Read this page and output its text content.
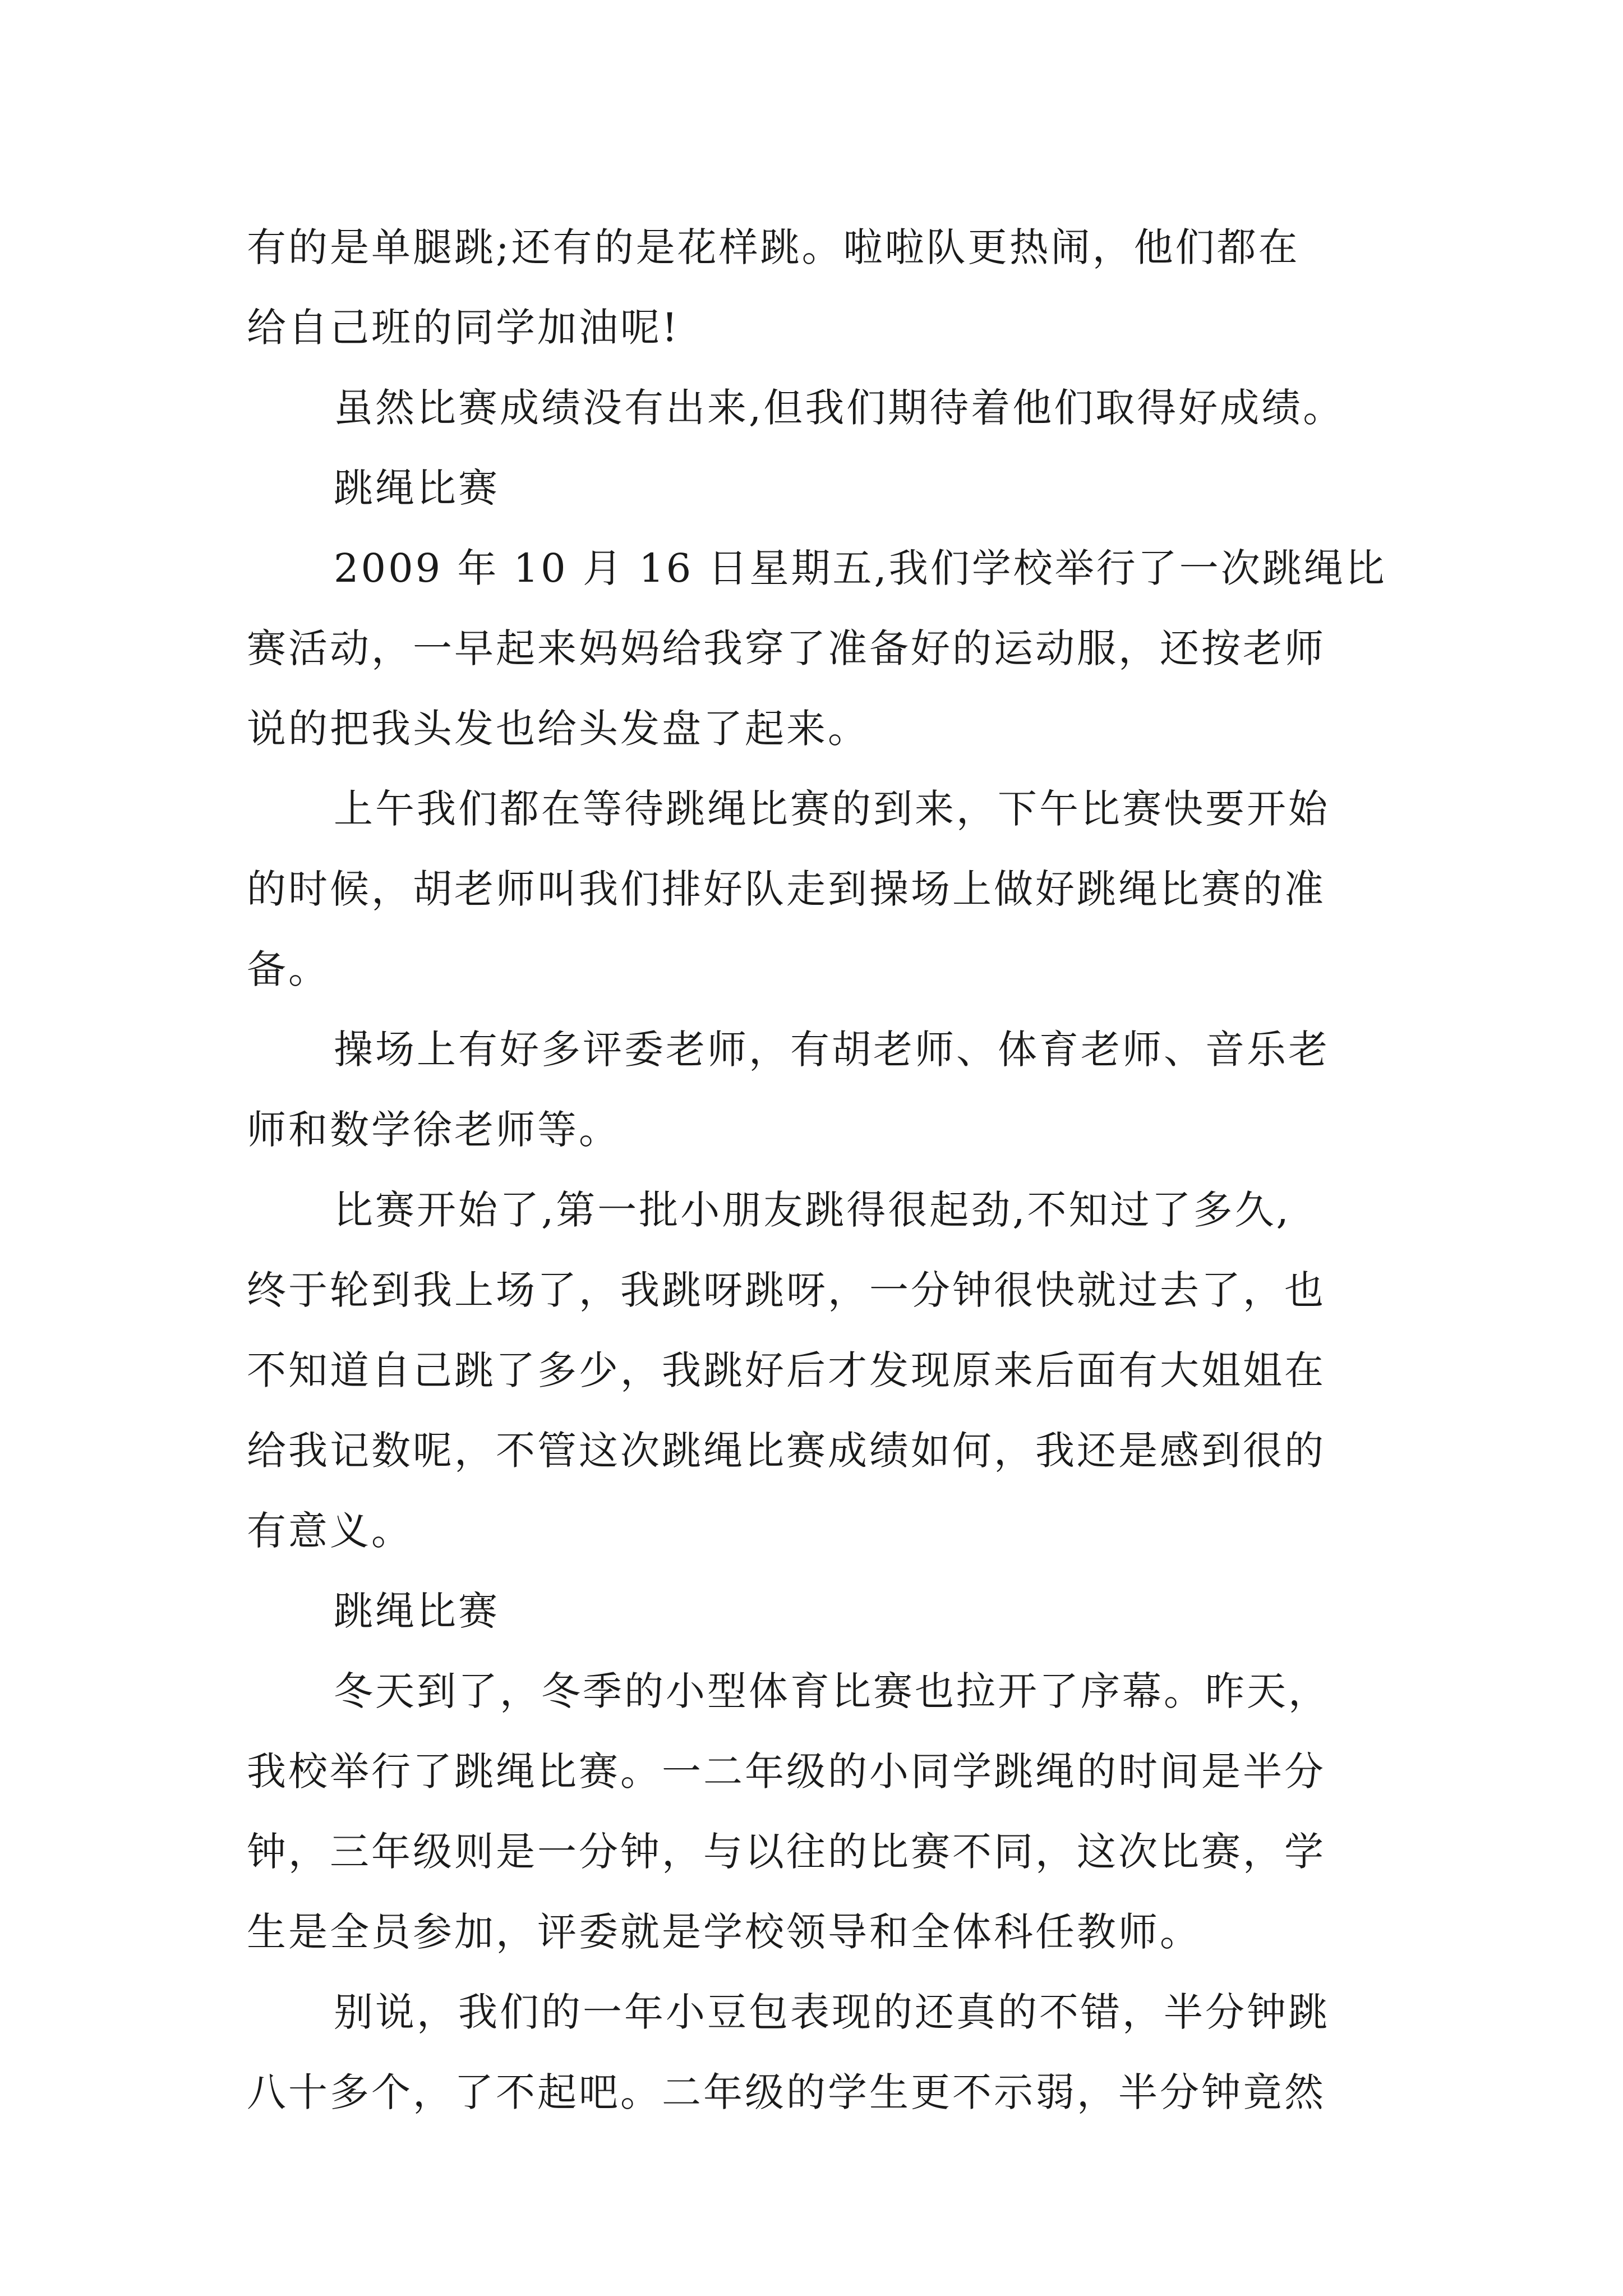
有的是单腿跳;还有的是花样跳。啦啦队更热闹，他们都在
给自己班的同学加油呢!
虽然比赛成绩没有出来,但我们期待着他们取得好成绩。
跳绳比赛
2009 年 10 月 16 日星期五,我们学校举行了一次跳绳比
赛活动，一早起来妈妈给我穿了准备好的运动服，还按老师
说的把我头发也给头发盘了起来。
上午我们都在等待跳绳比赛的到来，下午比赛快要开始
的时候，胡老师叫我们排好队走到操场上做好跳绳比赛的准
备。
操场上有好多评委老师，有胡老师、体育老师、音乐老
师和数学徐老师等。
比赛开始了,第一批小朋友跳得很起劲,不知过了多久,
终于轮到我上场了，我跳呀跳呀，一分钟很快就过去了，也
不知道自己跳了多少，我跳好后才发现原来后面有大姐姐在
给我记数呢，不管这次跳绳比赛成绩如何，我还是感到很的
有意义。
跳绳比赛
冬天到了，冬季的小型体育比赛也拉开了序幕。昨天，
我校举行了跳绳比赛。一二年级的小同学跳绳的时间是半分
钟，三年级则是一分钟，与以往的比赛不同，这次比赛，学
生是全员参加，评委就是学校领导和全体科任教师。
别说，我们的一年小豆包表现的还真的不错，半分钟跳
八十多个，了不起吧。二年级的学生更不示弱，半分钟竟然
